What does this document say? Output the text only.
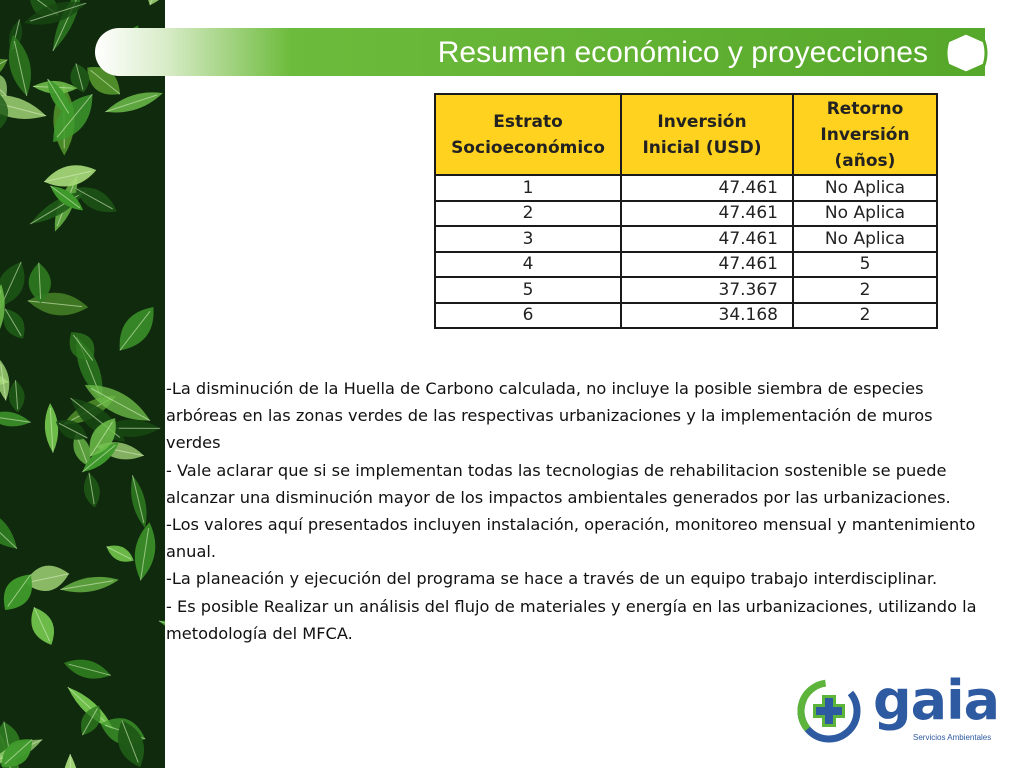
Resumen económico y proyecciones
Estrato Socioeconómico	Inversión Inicial (USD)	Retorno Inversión (años)
1	47.461	No Aplica
2	47.461	No Aplica
3	47.461	No Aplica
4	47.461	5
5	37.367	2
6	34.168	2

-La disminución de la Huella de Carbono calculada, no incluye la posible siembra de especies arbóreas en las zonas verdes de las respectivas urbanizaciones y la implementación de muros verdes

- Vale aclarar que si se implementan todas las tecnologias de rehabilitacion sostenible se puede alcanzar una disminución mayor de los impactos ambientales generados por las urbanizaciones.

-Los valores aquí presentados incluyen instalación, operación, monitoreo mensual y mantenimiento anual.

-La planeación y ejecución del programa se hace a través de un equipo trabajo interdisciplinar.

- Es posible Realizar un análisis del flujo de materiales y energía en las urbanizaciones, utilizando la metodología del MFCA.

gaia
Servicios Ambientales
